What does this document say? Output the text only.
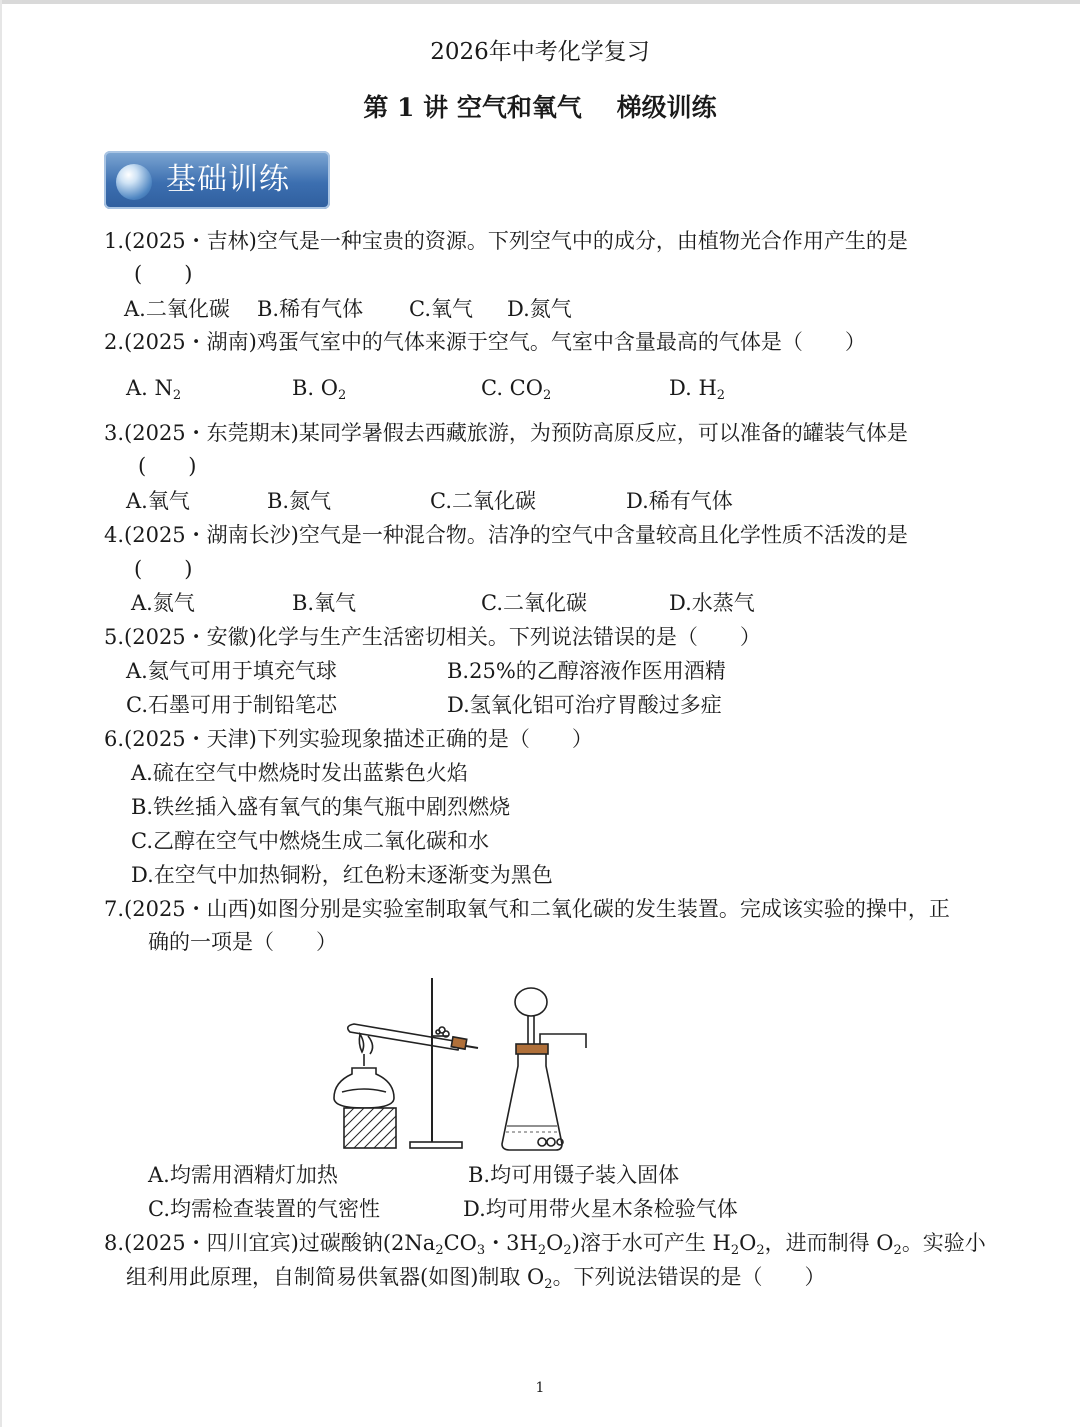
2026年中考化学复习
第 1 讲 空气和氧气    梯级训练
基础训练
1.(2025・吉林)空气是一种宝贵的资源。下列空气中的成分，由植物光合作用产生的是
(　　)
A.二氧化碳 B.稀有气体 C.氧气 D.氮气
2.(2025・湖南)鸡蛋气室中的气体来源于空气。气室中含量最高的气体是（　　）
A. $N_2$	B. $O_2$	C. $CO_2$	D. $H_2$
3.(2025・东莞期末)某同学暑假去西藏旅游，为预防高原反应，可以准备的罐装气体是
(　　)
A.氧气	B.氮气	C.二氧化碳	D.稀有气体
4.(2025・湖南长沙)空气是一种混合物。洁净的空气中含量较高且化学性质不活泼的是
(　　)
A.氮气	B.氧气	C.二氧化碳	D.水蒸气
5.(2025・安徽)化学与生产生活密切相关。下列说法错误的是（　　）
A.氦气可用于填充气球	B.25%的乙醇溶液作医用酒精
C.石墨可用于制铅笔芯	D.氢氧化铝可治疗胃酸过多症
6.(2025・天津)下列实验现象描述正确的是（　　）
A.硫在空气中燃烧时发出蓝紫色火焰
B.铁丝插入盛有氧气的集气瓶中剧烈燃烧
C.乙醇在空气中燃烧生成二氧化碳和水
D.在空气中加热铜粉，红色粉末逐渐变为黑色
7.(2025・山西)如图分别是实验室制取氧气和二氧化碳的发生装置。完成该实验的操中，正
确的一项是（　　）
A.均需用酒精灯加热	B.均可用镊子装入固体
C.均需检查装置的气密性	D.均可用带火星木条检验气体
8.(2025・四川宜宾)过碳酸钠($2Na_2CO_3$・$3H_2O_2$)溶于水可产生 $H_2O_2$，进而制得 $O_2$。实验小
组利用此原理，自制简易供氧器(如图)制取 $O_2$。下列说法错误的是（　　）
1
